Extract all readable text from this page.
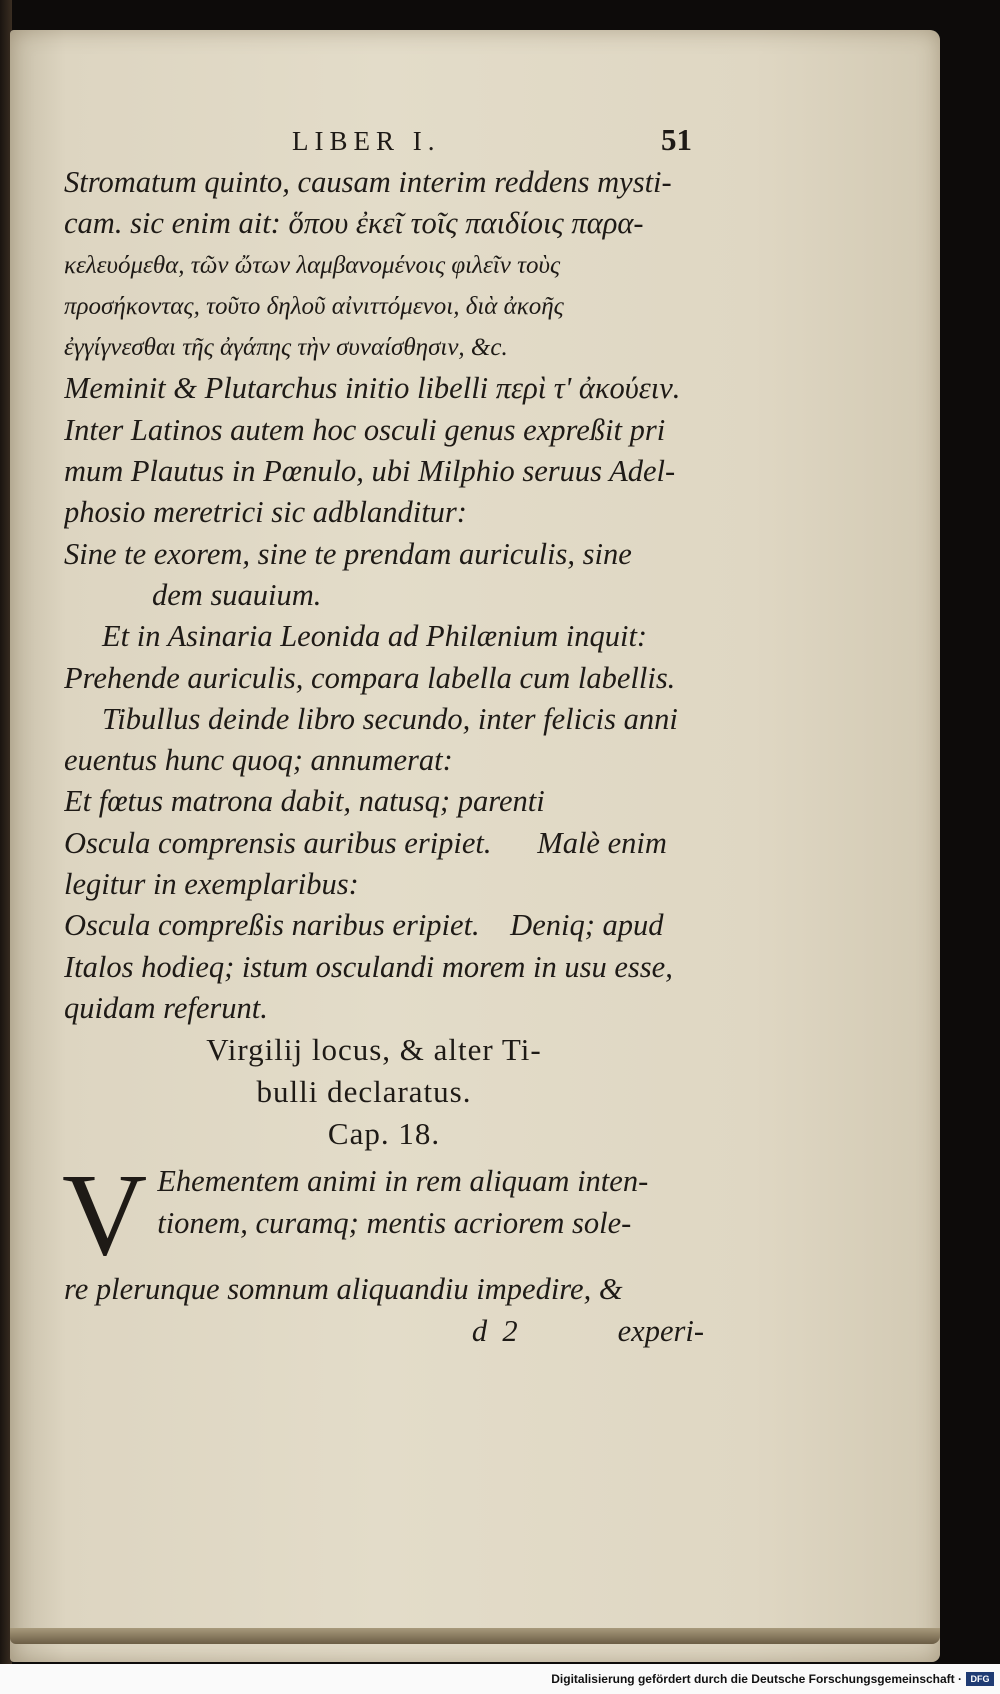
LIBER I.	51
Stromatum quinto, causam interim reddens mysti-
cam. sic enim ait: ὅπου ἐκεῖ τοῖς παιδίοις παρα-
κελευόμεθα, τῶν ὤτων λαμβανομένοις φιλεῖν τοὺς
προσήκοντας, τοῦτο δηλοῦ αἰνιττόμενοι, διὰ ἀκοῆς
ἐγγίγνεσθαι τῆς ἀγάπης τὴν συναίσθησιν, &c.
Meminit & Plutarchus initio libelli περὶ τ' ἀκούειν.
Inter Latinos autem hoc osculi genus expreßit pri
mum Plautus in Pœnulo, ubi Milphio seruus Adel-
phosio meretrici sic adblanditur:
Sine te exorem, sine te prendam auriculis, sine
dem suauium.
Et in Asinaria Leonida ad Philænium inquit:
Prehende auriculis, compara labella cum labellis.
Tibullus deinde libro secundo, inter felicis anni
euentus hunc quoq; annumerat:
Et fœtus matrona dabit, natusq; parenti
Oscula comprensis auribus eripiet.      Malè enim
legitur in exemplaribus:
Oscula compreßis naribus eripiet.    Deniq; apud
Italos hodieq; istum osculandi morem in usu esse,
quidam referunt.
Virgilij locus, & alter Ti-
bulli declaratus.
Cap. 18.
V Ehementem animi in rem aliquam inten-
tionem, curamq; mentis acriorem sole-
re plerunque somnum aliquandiu impedire, &
d  2	experi-
Digitalisierung gefördert durch die Deutsche Forschungsgemeinschaft · DFG
